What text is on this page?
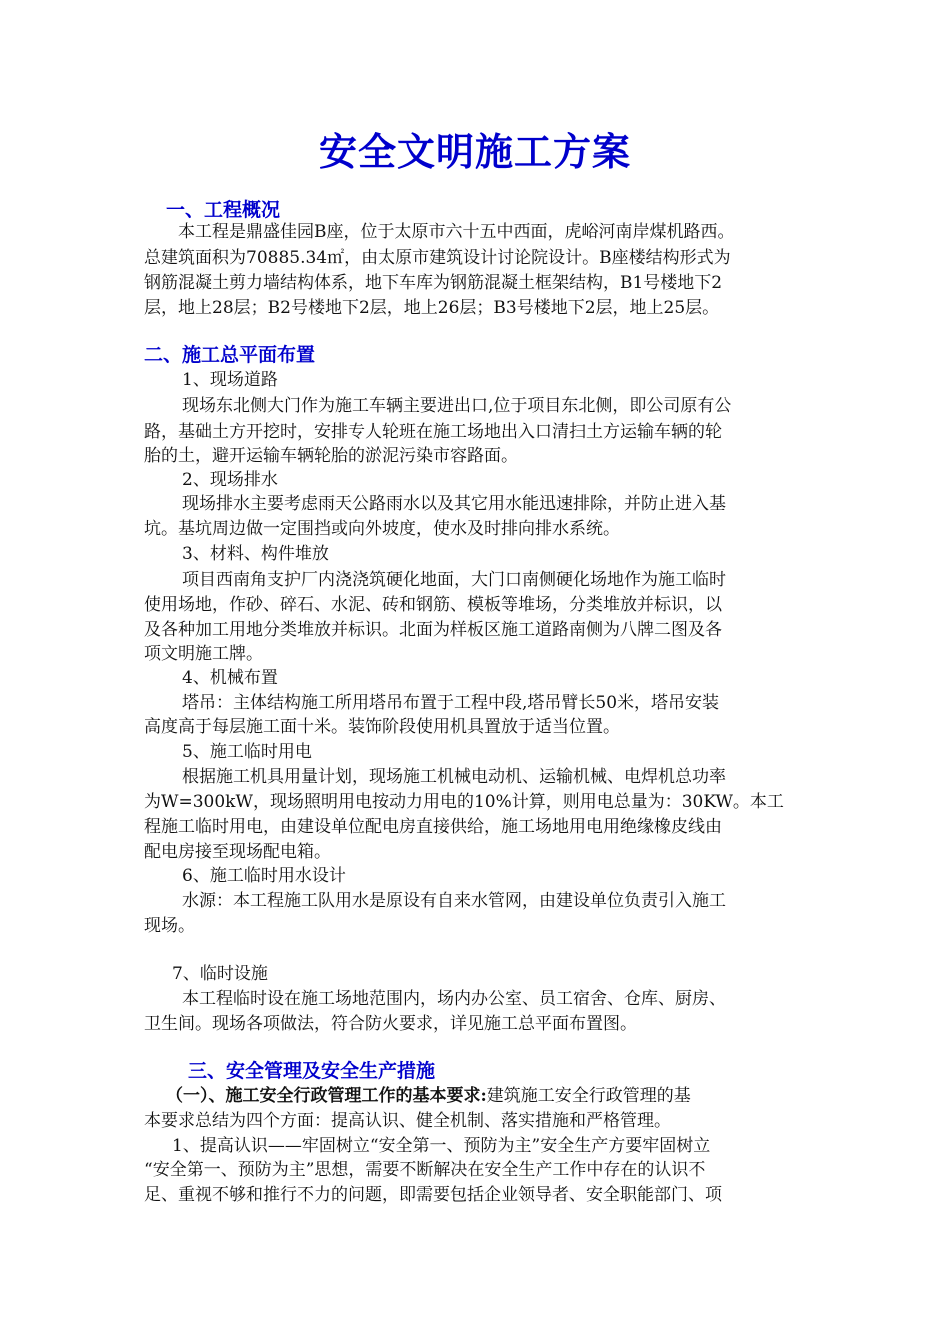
安全文明施工方案
一、工程概况
本工程是鼎盛佳园B座，位于太原市六十五中西面，虎峪河南岸煤机路西。
总建筑面积为70885.34㎡，由太原市建筑设计讨论院设计。B座楼结构形式为
钢筋混凝土剪力墙结构体系，地下车库为钢筋混凝土框架结构，B1号楼地下2
层，地上28层；B2号楼地下2层，地上26层；B3号楼地下2层，地上25层。
二、施工总平面布置
1、现场道路
现场东北侧大门作为施工车辆主要进出口,位于项目东北侧，即公司原有公
路，基础土方开挖时，安排专人轮班在施工场地出入口清扫土方运输车辆的轮
胎的土，避开运输车辆轮胎的淤泥污染市容路面。
2、现场排水
现场排水主要考虑雨天公路雨水以及其它用水能迅速排除，并防止进入基
坑。基坑周边做一定围挡或向外坡度，使水及时排向排水系统。
3、材料、构件堆放
项目西南角支护厂内浇浇筑硬化地面，大门口南侧硬化场地作为施工临时
使用场地，作砂、碎石、水泥、砖和钢筋、模板等堆场，分类堆放并标识，以
及各种加工用地分类堆放并标识。北面为样板区施工道路南侧为八牌二图及各
项文明施工牌。
4、机械布置
塔吊：主体结构施工所用塔吊布置于工程中段,塔吊臂长50米，塔吊安装
高度高于每层施工面十米。装饰阶段使用机具置放于适当位置。
5、施工临时用电
根据施工机具用量计划，现场施工机械电动机、运输机械、电焊机总功率
为W=300kW，现场照明用电按动力用电的10%计算，则用电总量为：30KW。本工
程施工临时用电，由建设单位配电房直接供给，施工场地用电用绝缘橡皮线由
配电房接至现场配电箱。
6、施工临时用水设计
水源：本工程施工队用水是原设有自来水管网，由建设单位负责引入施工
现场。
7、临时设施
本工程临时设在施工场地范围内，场内办公室、员工宿舍、仓库、厨房、
卫生间。现场各项做法，符合防火要求，详见施工总平面布置图。
三、安全管理及安全生产措施
（一）、施工安全行政管理工作的基本要求:建筑施工安全行政管理的基
本要求总结为四个方面：提高认识、健全机制、落实措施和严格管理。
1、提高认识——牢固树立“安全第一、预防为主”安全生产方要牢固树立
“安全第一、预防为主”思想，需要不断解决在安全生产工作中存在的认识不
足、重视不够和推行不力的问题，即需要包括企业领导者、安全职能部门、项
